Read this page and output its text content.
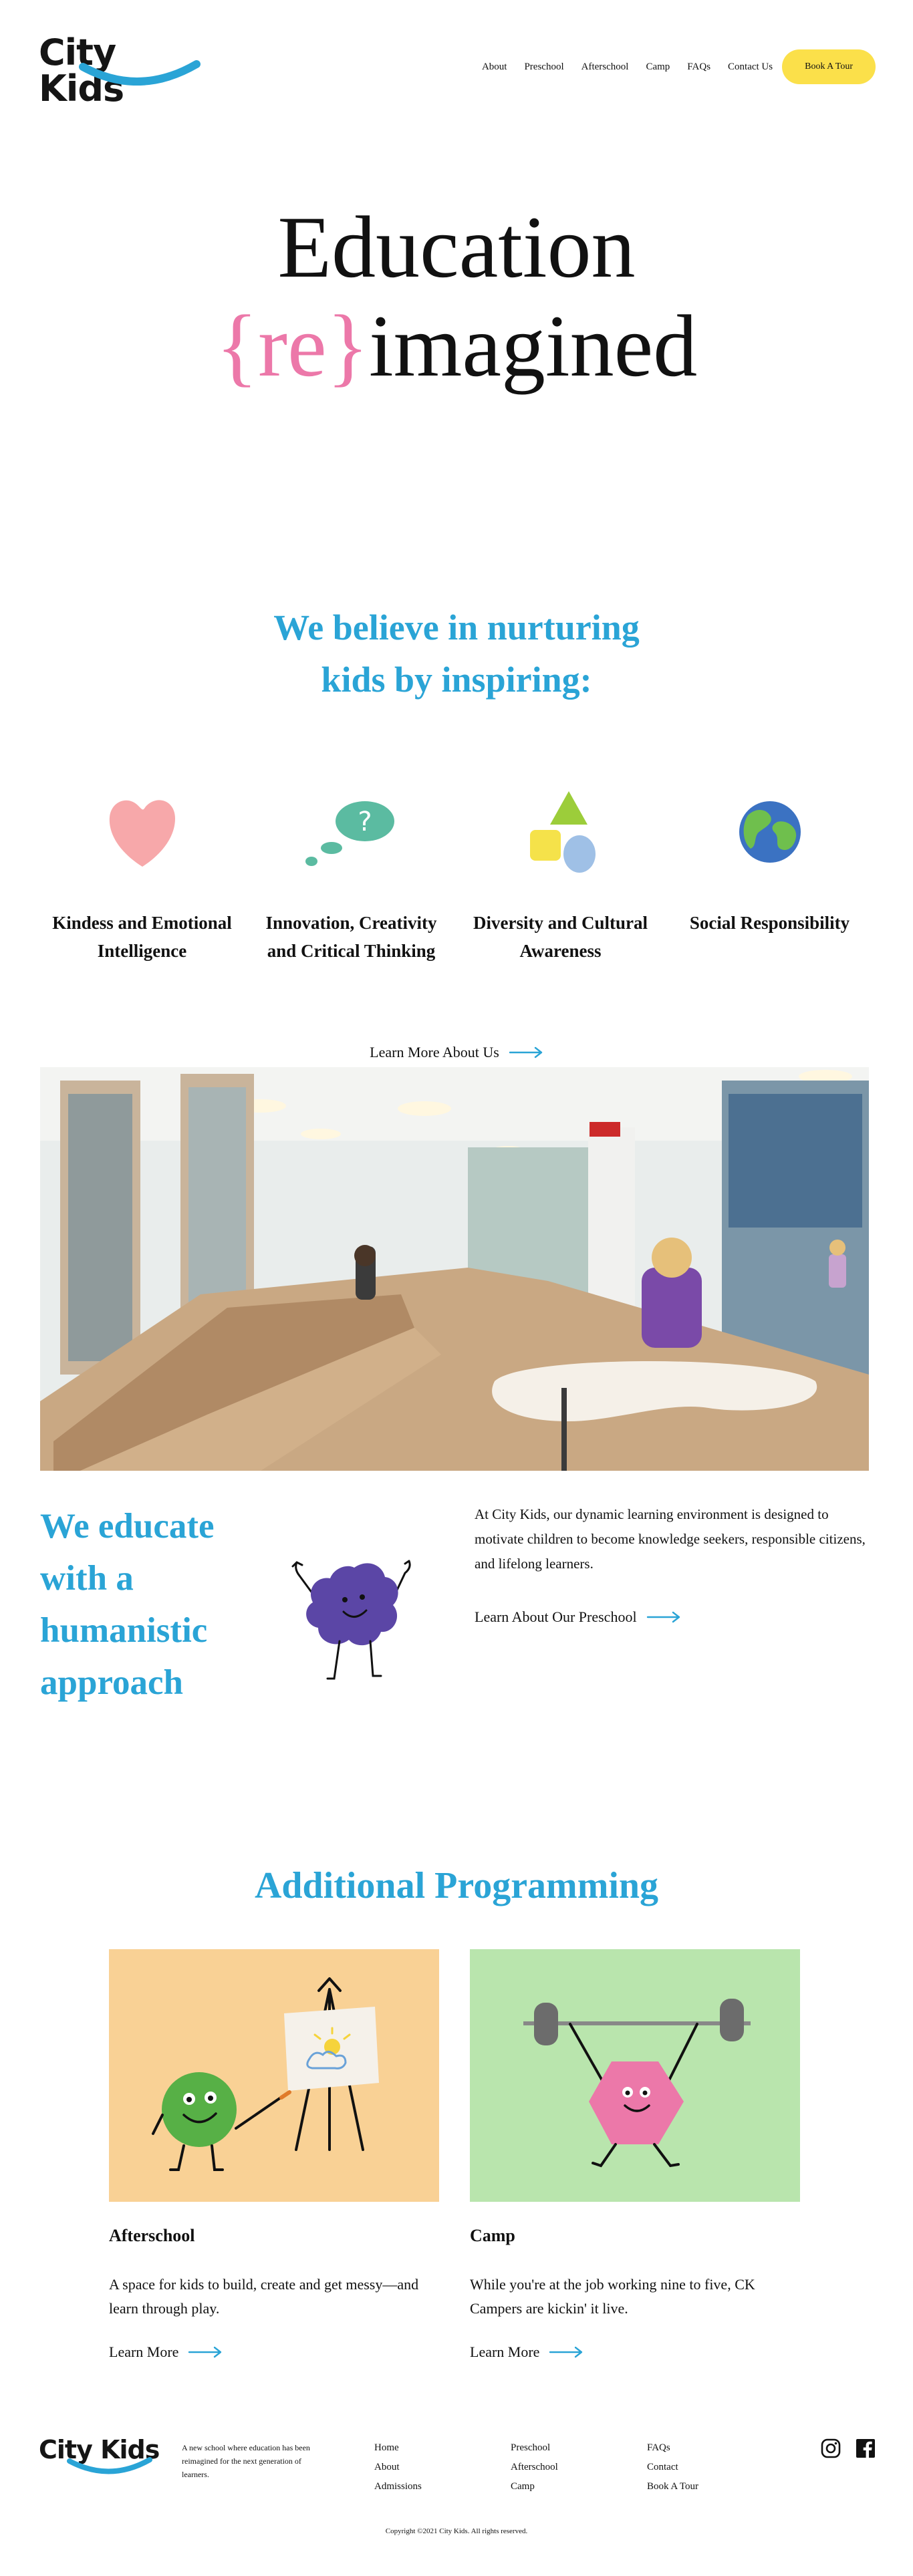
City Kids
About Preschool Afterschool Camp FAQs Contact Us	Book A Tour
Education
{re}imagined
We believe in nurturing
kids by inspiring:
Kindess and Emotional
Intelligence
?
Innovation, Creativity
and Critical Thinking
Diversity and Cultural
Awareness
Social Responsibility
Learn More About Us
We educate
with a
humanistic
approach

At City Kids, our dynamic learning environment is designed to motivate children to become knowledge seekers, responsible citizens, and lifelong learners.

Learn About Our Preschool
Additional Programming
Afterschool
A space for kids to build, create and get messy—and learn through play.
Learn More
Camp
While you're at the job working nine to five, CK Campers are kickin' it live.
Learn More
City Kids	A new school where education has been reimagined for the next generation of learners.
Home
About
Admissions
Preschool
Afterschool
Camp
FAQs
Contact
Book A Tour
Copyright ©2021 City Kids. All rights reserved.
